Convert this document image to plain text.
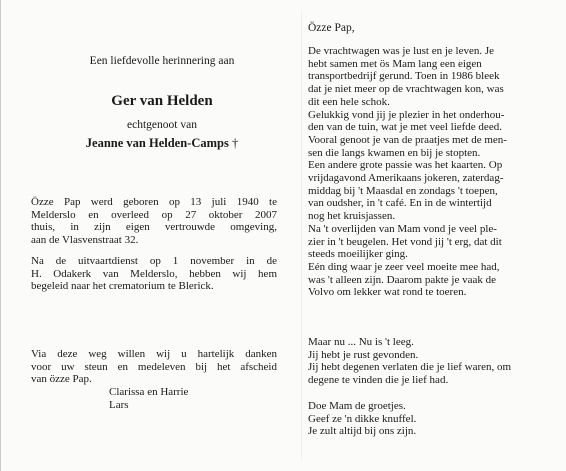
Een liefdevolle herinnering aan
Ger van Helden
echtgenoot van
Jeanne van Helden-Camps †
Özze Pap werd geboren op 13 juli 1940 te
Melderslo en overleed op 27 oktober 2007
thuis, in zijn eigen vertrouwde omgeving,
aan de Vlasvenstraat 32.
Na de uitvaartdienst op 1 november in de
H. Odakerk van Melderslo, hebben wij hem
begeleid naar het crematorium te Blerick.
Via deze weg willen wij u hartelijk danken
voor uw steun en medeleven bij het afscheid
van özze Pap.
Clarissa en Harrie
Lars
Özze Pap,
De vrachtwagen was je lust en je leven. Je
hebt samen met ös Mam lang een eigen
transportbedrijf gerund. Toen in 1986 bleek
dat je niet meer op de vrachtwagen kon, was
dit een hele schok.
Gelukkig vond jij je plezier in het onderhou-
den van de tuin, wat je met veel liefde deed.
Vooral genoot je van de praatjes met de men-
sen die langs kwamen en bij je stopten.
Een andere grote passie was het kaarten. Op
vrijdagavond Amerikaans jokeren, zaterdag-
middag bij 't Maasdal en zondags 't toepen,
van oudsher, in 't café. En in de wintertijd
nog het kruisjassen.
Na 't overlijden van Mam vond je veel ple-
zier in 't beugelen. Het vond jij 't erg, dat dit
steeds moeilijker ging.
Eén ding waar je zeer veel moeite mee had,
was 't alleen zijn. Daarom pakte je vaak de
Volvo om lekker wat rond te toeren.
Maar nu ... Nu is 't leeg.
Jij hebt je rust gevonden.
Jij hebt degenen verlaten die je lief waren, om
degene te vinden die je lief had.
Doe Mam de groetjes.
Geef ze 'n dikke knuffel.
Je zult altijd bij ons zijn.
